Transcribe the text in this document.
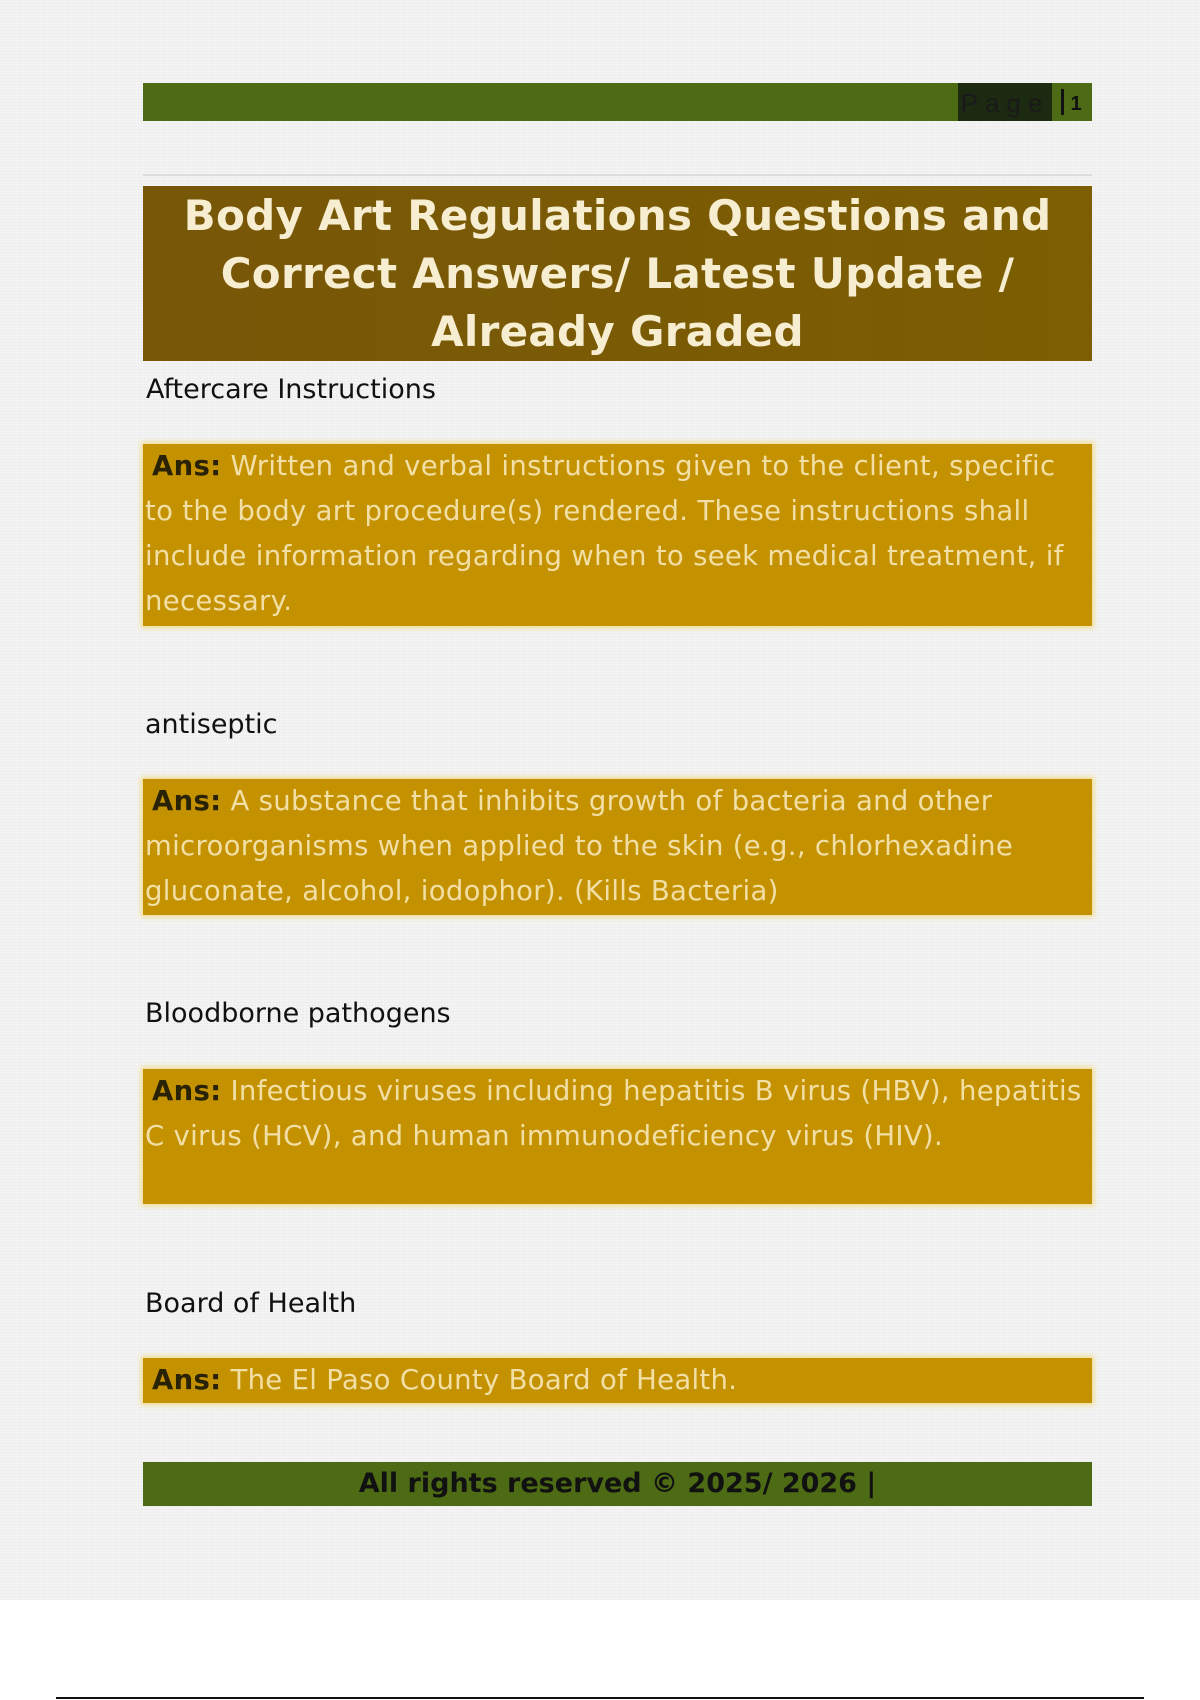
Page 1
Body Art Regulations Questions and Correct Answers/ Latest Update / Already Graded
Aftercare Instructions
Ans: Written and verbal instructions given to the client, specific to the body art procedure(s) rendered. These instructions shall include information regarding when to seek medical treatment, if necessary.
antiseptic
Ans: A substance that inhibits growth of bacteria and other microorganisms when applied to the skin (e.g., chlorhexadine gluconate, alcohol, iodophor). (Kills Bacteria)
Bloodborne pathogens
Ans: Infectious viruses including hepatitis B virus (HBV), hepatitis C virus (HCV), and human immunodeficiency virus (HIV).
Board of Health
Ans: The El Paso County Board of Health.
All rights reserved © 2025/ 2026 |
